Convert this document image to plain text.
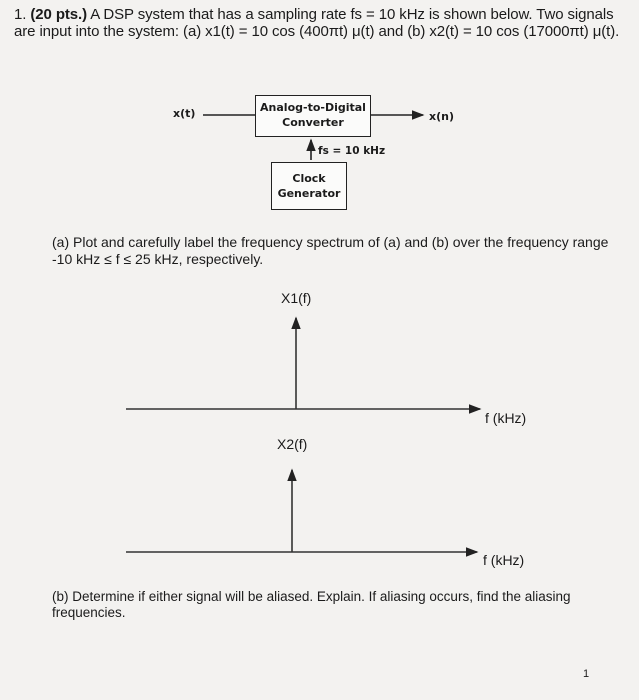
1. (20 pts.) A DSP system that has a sampling rate fs = 10 kHz is shown below. Two signals are input into the system: (a) x1(t) = 10 cos (400πt) μ(t) and (b) x2(t) = 10 cos (17000πt) μ(t).
x(t)	Analog-to-Digital Converter	x(n)
fs = 10 kHz
Clock Generator
(a) Plot and carefully label the frequency spectrum of (a) and (b) over the frequency range -10 kHz ≤ f ≤ 25 kHz, respectively.
X1(f)
f (kHz)
X2(f)
f (kHz)
(b) Determine if either signal will be aliased. Explain. If aliasing occurs, find the aliasing frequencies.
1
